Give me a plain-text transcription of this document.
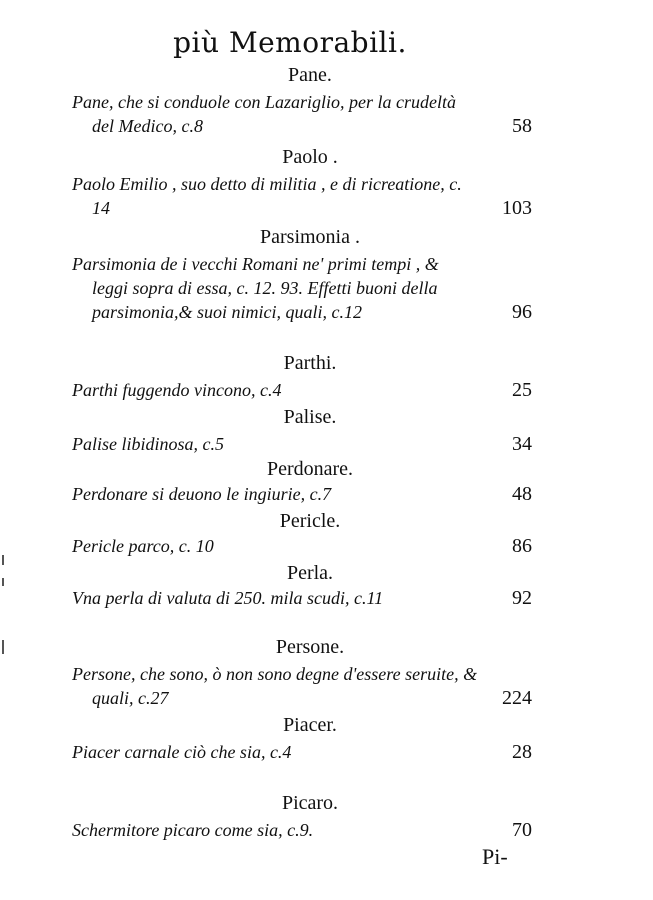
più Memorabili.
Pane.
Pane, che si conduole con Lazariglio, per la crudeltà
del Medico, c.8	58
Paolo .
Paolo Emilio , suo detto di militia , e di ricreatione, c.
14	103
Parsimonia .
Parsimonia de i vecchi Romani ne' primi tempi , &
leggi sopra di essa, c. 12. 93. Effetti buoni della
parsimonia,& suoi nimici, quali, c.12	96
Parthi.
Parthi fuggendo vincono, c.4	25
Palise.
Palise libidinosa, c.5	34
Perdonare.
Perdonare si deuono le ingiurie, c.7	48
Pericle.
Pericle parco, c. 10	86
Perla.
Vna perla di valuta di 250. mila scudi, c.11	92
Persone.
Persone, che sono, ò non sono degne d'essere seruite, &
quali, c.27	224
Piacer.
Piacer carnale ciò che sia, c.4	28
Picaro.
Schermitore picaro come sia, c.9.	70
Pi-
